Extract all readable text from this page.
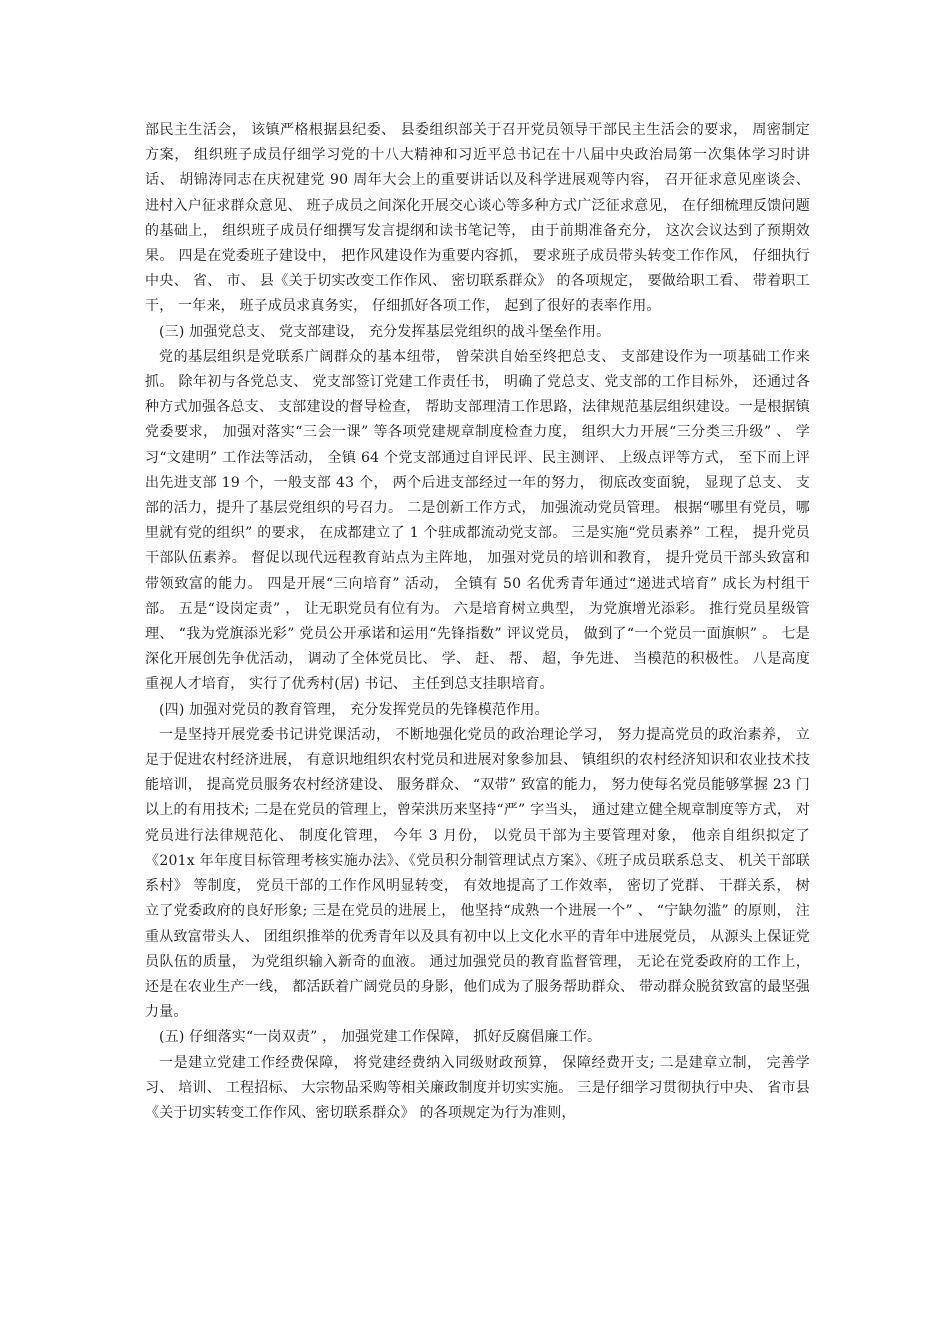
部民主生活会， 该镇严格根据县纪委、 县委组织部关于召开党员领导干部民主生活会的要求， 周密制定方案， 组织班子成员仔细学习党的十八大精神和习近平总书记在十八届中央政治局第一次集体学习时讲话、 胡锦涛同志在庆祝建党 90 周年大会上的重要讲话以及科学进展观等内容， 召开征求意见座谈会、 进村入户征求群众意见、 班子成员之间深化开展交心谈心等多种方式广泛征求意见， 在仔细梳理反馈问题的基础上， 组织班子成员仔细撰写发言提纲和读书笔记等， 由于前期准备充分， 这次会议达到了预期效果。 四是在党委班子建设中， 把作风建设作为重要内容抓， 要求班子成员带头转变工作作风， 仔细执行中央、 省、 市、 县《关于切实改变工作作风、 密切联系群众》 的各项规定， 要做给职工看、 带着职工干， 一年来， 班子成员求真务实， 仔细抓好各项工作， 起到了很好的表率作用。

(三) 加强党总支、 党支部建设， 充分发挥基层党组织的战斗堡垒作用。

党的基层组织是党联系广阔群众的基本纽带， 曾荣洪自始至终把总支、 支部建设作为一项基础工作来抓。 除年初与各党总支、 党支部签订党建工作责任书， 明确了党总支、党支部的工作目标外， 还通过各种方式加强各总支、 支部建设的督导检查， 帮助支部理清工作思路，法律规范基层组织建设。一是根据镇党委要求， 加强对落实“三会一课” 等各项党建规章制度检查力度， 组织大力开展“三分类三升级” 、 学习“文建明” 工作法等活动， 全镇 64 个党支部通过自评民评、民主测评、 上级点评等方式， 至下而上评出先进支部 19 个，一般支部 43 个， 两个后进支部经过一年的努力， 彻底改变面貌， 显现了总支、 支部的活力，提升了基层党组织的号召力。 二是创新工作方式， 加强流动党员管理。 根据“哪里有党员，哪里就有党的组织” 的要求， 在成都建立了 1 个驻成都流动党支部。 三是实施“党员素养” 工程， 提升党员干部队伍素养。 督促以现代远程教育站点为主阵地， 加强对党员的培训和教育， 提升党员干部头致富和带领致富的能力。 四是开展“三向培育” 活动， 全镇有 50 名优秀青年通过“递进式培育” 成长为村组干部。 五是“设岗定责” ， 让无职党员有位有为。 六是培育树立典型， 为党旗增光添彩。 推行党员星级管理、 “我为党旗添光彩” 党员公开承诺和运用“先锋指数” 评议党员， 做到了“一个党员一面旗帜” 。 七是深化开展创先争优活动， 调动了全体党员比、 学、 赶、 帮、 超，争先进、 当模范的积极性。 八是高度重视人才培育， 实行了优秀村(居) 书记、 主任到总支挂职培育。

(四) 加强对党员的教育管理， 充分发挥党员的先锋模范作用。

一是坚持开展党委书记讲党课活动， 不断地强化党员的政治理论学习， 努力提高党员的政治素养， 立足于促进农村经济进展， 有意识地组织农村党员和进展对象参加县、 镇组织的农村经济知识和农业技术技能培训， 提高党员服务农村经济建设、 服务群众、 “双带” 致富的能力， 努力使每名党员能够掌握 23 门以上的有用技术; 二是在党员的管理上，曾荣洪历来坚持“严” 字当头， 通过建立健全规章制度等方式， 对党员进行法律规范化、 制度化管理， 今年 3 月份， 以党员干部为主要管理对象， 他亲自组织拟定了《201x 年年度目标管理考核实施办法》、《党员积分制管理试点方案》、《班子成员联系总支、 机关干部联系村》 等制度， 党员干部的工作作风明显转变， 有效地提高了工作效率， 密切了党群、 干群关系， 树立了党委政府的良好形象; 三是在党员的进展上， 他坚持“成熟一个进展一个” 、 “宁缺勿滥” 的原则， 注重从致富带头人、 团组织推举的优秀青年以及具有初中以上文化水平的青年中进展党员， 从源头上保证党员队伍的质量， 为党组织输入新奇的血液。 通过加强党员的教育监督管理， 无论在党委政府的工作上， 还是在农业生产一线， 都活跃着广阔党员的身影，他们成为了服务帮助群众、 带动群众脱贫致富的最坚强力量。

(五) 仔细落实“一岗双责” ， 加强党建工作保障， 抓好反腐倡廉工作。

一是建立党建工作经费保障， 将党建经费纳入同级财政预算， 保障经费开支; 二是建章立制， 完善学习、 培训、 工程招标、 大宗物品采购等相关廉政制度并切实实施。 三是仔细学习贯彻执行中央、 省市县《关于切实转变工作作风、密切联系群众》 的各项规定为行为准则，
